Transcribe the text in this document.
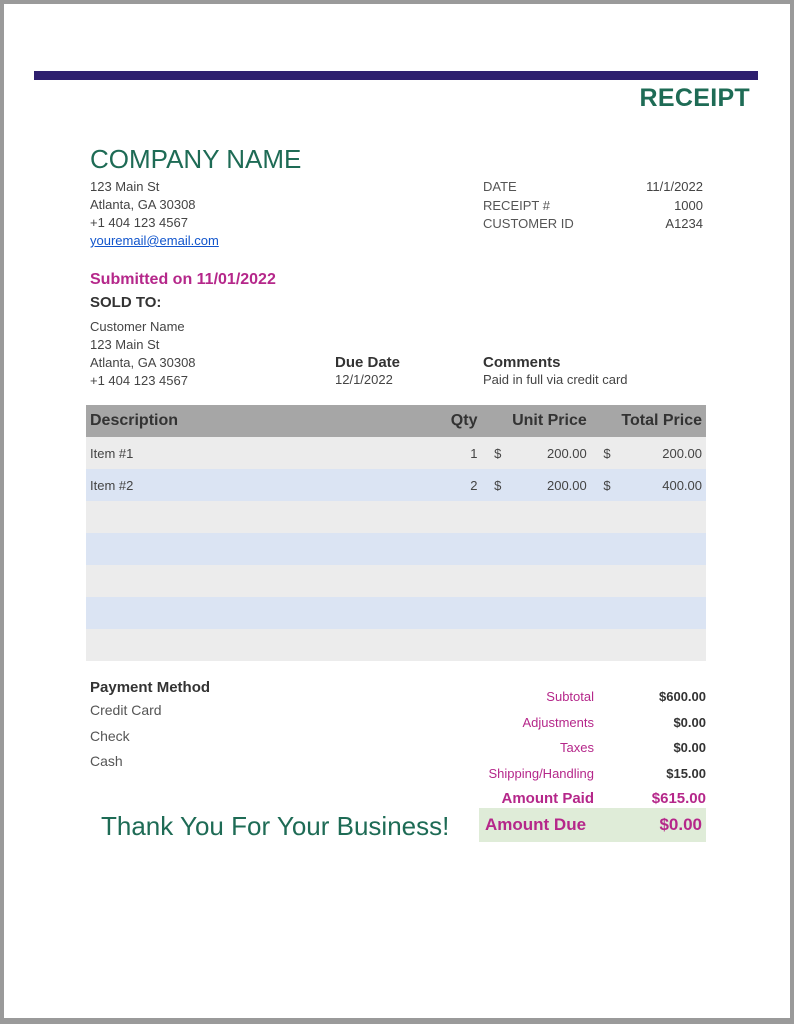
RECEIPT
COMPANY NAME
123 Main St
Atlanta, GA 30308
+1 404 123 4567
youremail@email.com
DATE	11/1/2022
RECEIPT #	1000
CUSTOMER ID	A1234
Submitted on 11/01/2022
SOLD TO:
Customer Name
123 Main St
Atlanta, GA 30308
+1 404 123 4567
Due Date
12/1/2022
Comments
Paid in full via credit card
Description	Qty	Unit Price	Total Price
Item #1	1	$	200.00	$	200.00
Item #2	2	$	200.00	$	400.00
Payment Method
Credit Card
Check
Cash
Subtotal	$600.00
Adjustments	$0.00
Taxes	$0.00
Shipping/Handling	$15.00
Amount Paid	$615.00
Thank You For Your Business!	Amount Due	$0.00
